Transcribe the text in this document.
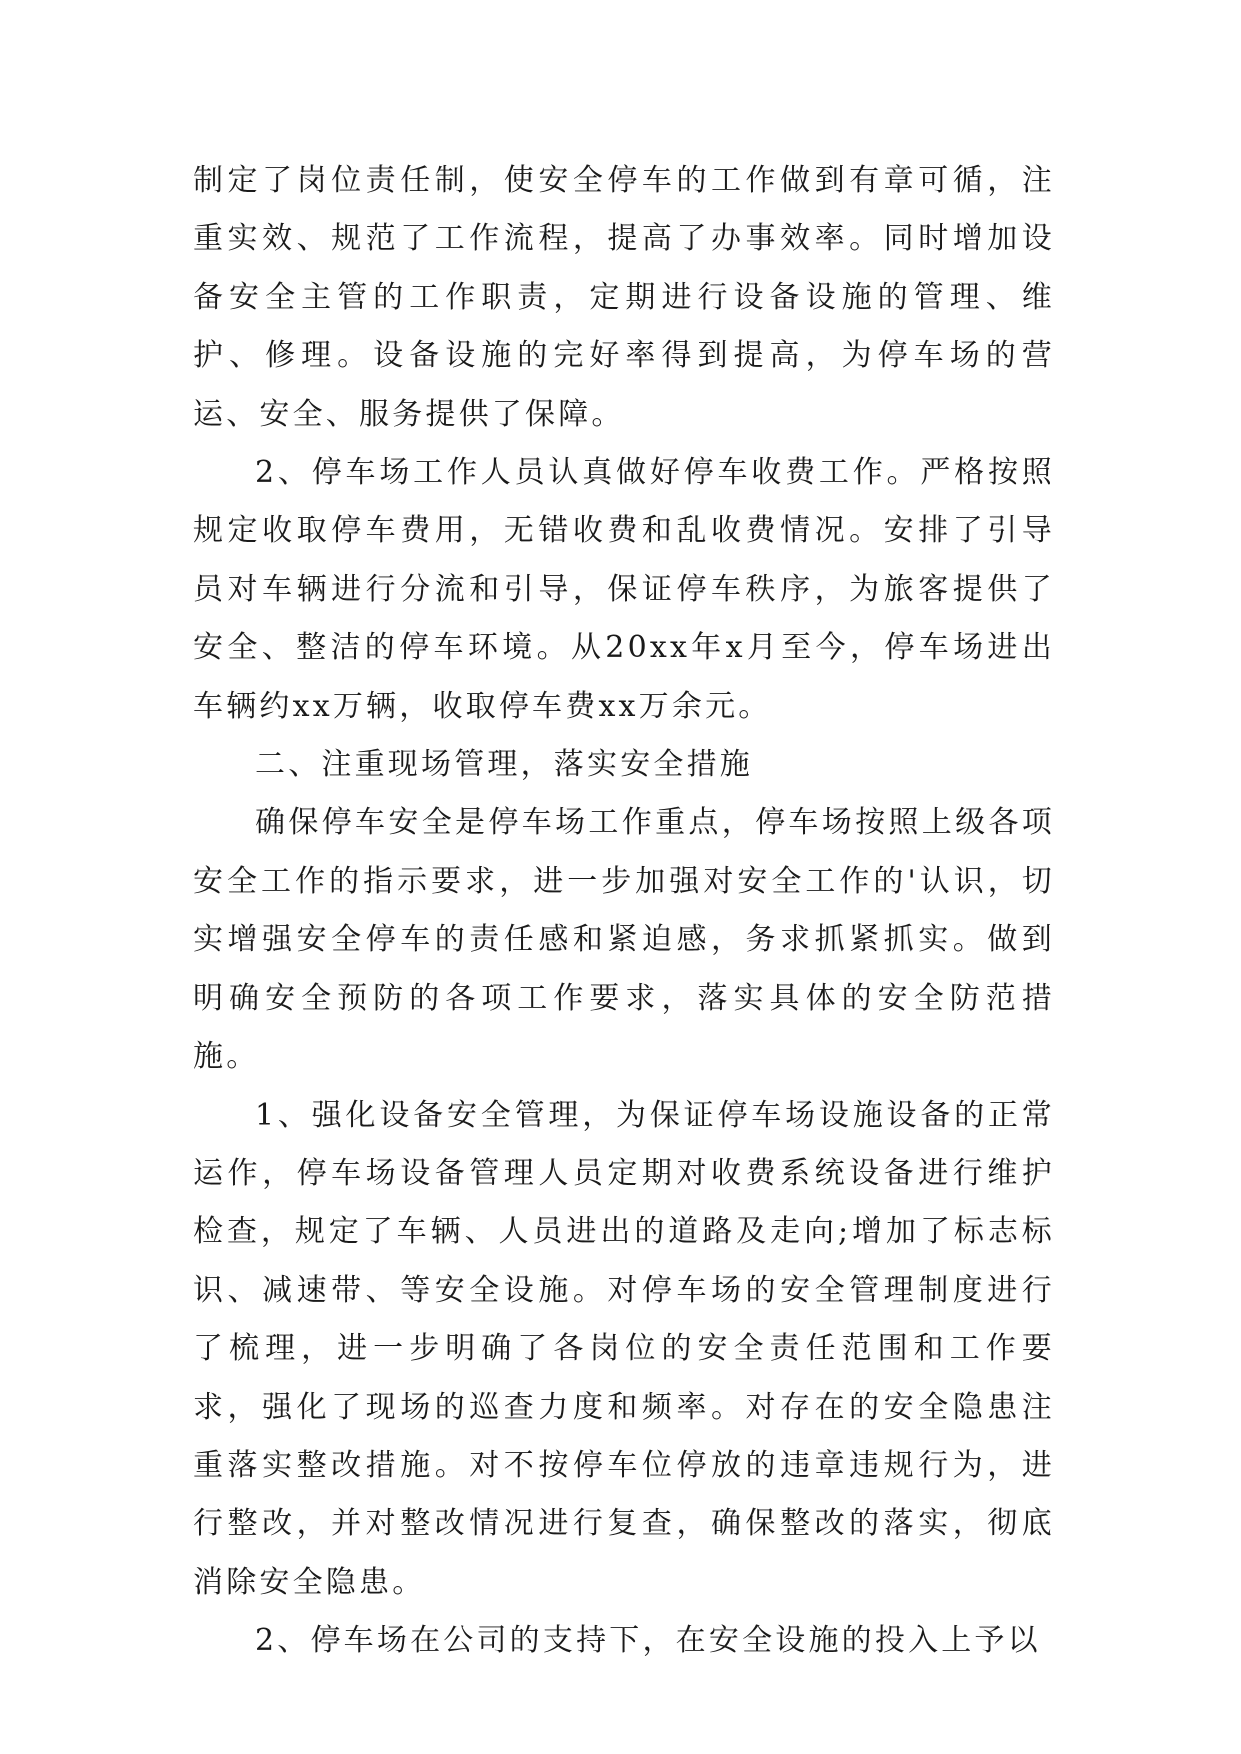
制定了岗位责任制，使安全停车的工作做到有章可循，注重实效、规范了工作流程，提高了办事效率。同时增加设备安全主管的工作职责，定期进行设备设施的管理、维护、修理。设备设施的完好率得到提高，为停车场的营运、安全、服务提供了保障。

2、停车场工作人员认真做好停车收费工作。严格按照规定收取停车费用，无错收费和乱收费情况。安排了引导员对车辆进行分流和引导，保证停车秩序，为旅客提供了安全、整洁的停车环境。从20xx年x月至今，停车场进出车辆约xx万辆，收取停车费xx万余元。

二、注重现场管理，落实安全措施

确保停车安全是停车场工作重点，停车场按照上级各项安全工作的指示要求，进一步加强对安全工作的'认识，切实增强安全停车的责任感和紧迫感，务求抓紧抓实。做到明确安全预防的各项工作要求，落实具体的安全防范措施。

1、强化设备安全管理，为保证停车场设施设备的正常运作，停车场设备管理人员定期对收费系统设备进行维护检查，规定了车辆、人员进出的道路及走向;增加了标志标识、减速带、等安全设施。对停车场的安全管理制度进行了梳理，进一步明确了各岗位的安全责任范围和工作要求，强化了现场的巡查力度和频率。对存在的安全隐患注重落实整改措施。对不按停车位停放的违章违规行为，进行整改，并对整改情况进行复查，确保整改的落实，彻底消除安全隐患。

2、停车场在公司的支持下，在安全设施的投入上予以
